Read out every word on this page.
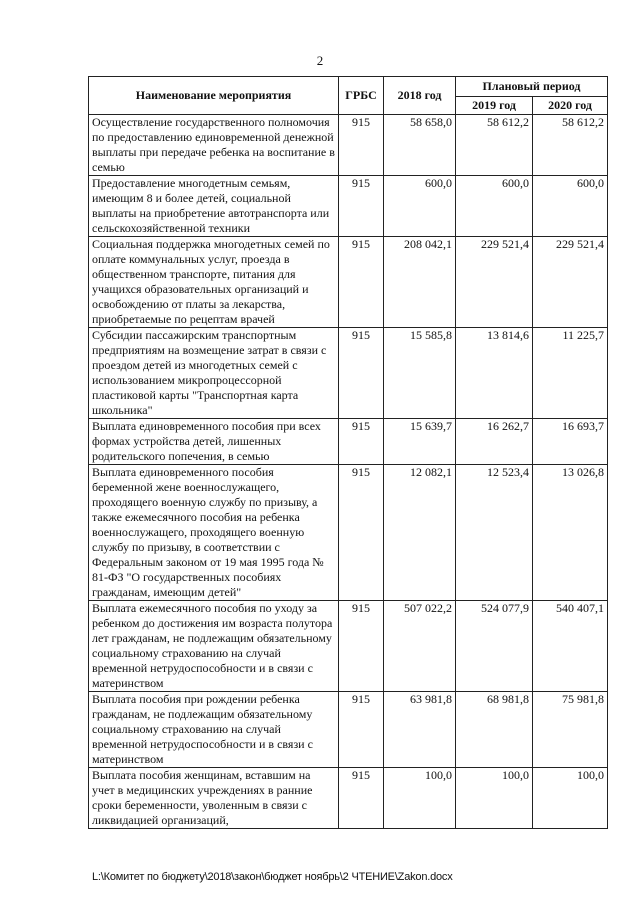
2
Наименование мероприятия	ГРБС	2018 год	Плановый период	
			2019 год	2020 год
Осуществление государственного полномочия по предоставлению единовременной денежной выплаты при передаче ребенка на воспитание в семью	915	58 658,0	58 612,2	58 612,2
Предоставление многодетным семьям, имеющим 8 и более детей, социальной выплаты на приобретение автотранспорта или сельскохозяйственной техники	915	600,0	600,0	600,0
Социальная поддержка многодетных семей по оплате коммунальных услуг, проезда в общественном транспорте, питания для учащихся образовательных организаций и освобождению от платы за лекарства, приобретаемые по рецептам врачей	915	208 042,1	229 521,4	229 521,4
Субсидии пассажирским транспортным предприятиям на возмещение затрат в связи с проездом детей из многодетных семей с использованием микропроцессорной пластиковой карты "Транспортная карта школьника"	915	15 585,8	13 814,6	11 225,7
Выплата единовременного пособия при всех формах устройства детей, лишенных родительского попечения, в семью	915	15 639,7	16 262,7	16 693,7
Выплата единовременного пособия беременной жене военнослужащего, проходящего военную службу по призыву, а также ежемесячного пособия на ребенка военнослужащего, проходящего военную службу по призыву, в соответствии с Федеральным законом от 19 мая 1995 года № 81-ФЗ "О государственных пособиях гражданам, имеющим детей"	915	12 082,1	12 523,4	13 026,8
Выплата ежемесячного пособия по уходу за ребенком до достижения им возраста полутора лет гражданам, не подлежащим обязательному социальному страхованию на случай временной нетрудоспособности и в связи с материнством	915	507 022,2	524 077,9	540 407,1
Выплата пособия при рождении ребенка гражданам, не подлежащим обязательному социальному страхованию на случай временной нетрудоспособности и в связи с материнством	915	63 981,8	68 981,8	75 981,8
Выплата пособия женщинам, вставшим на учет в медицинских учреждениях в ранние сроки беременности, уволенным в связи с ликвидацией организаций,	915	100,0	100,0	100,0
L:\Комитет по бюджету\2018\закон\бюджет ноябрь\2 ЧТЕНИЕ\Zakon.docx
